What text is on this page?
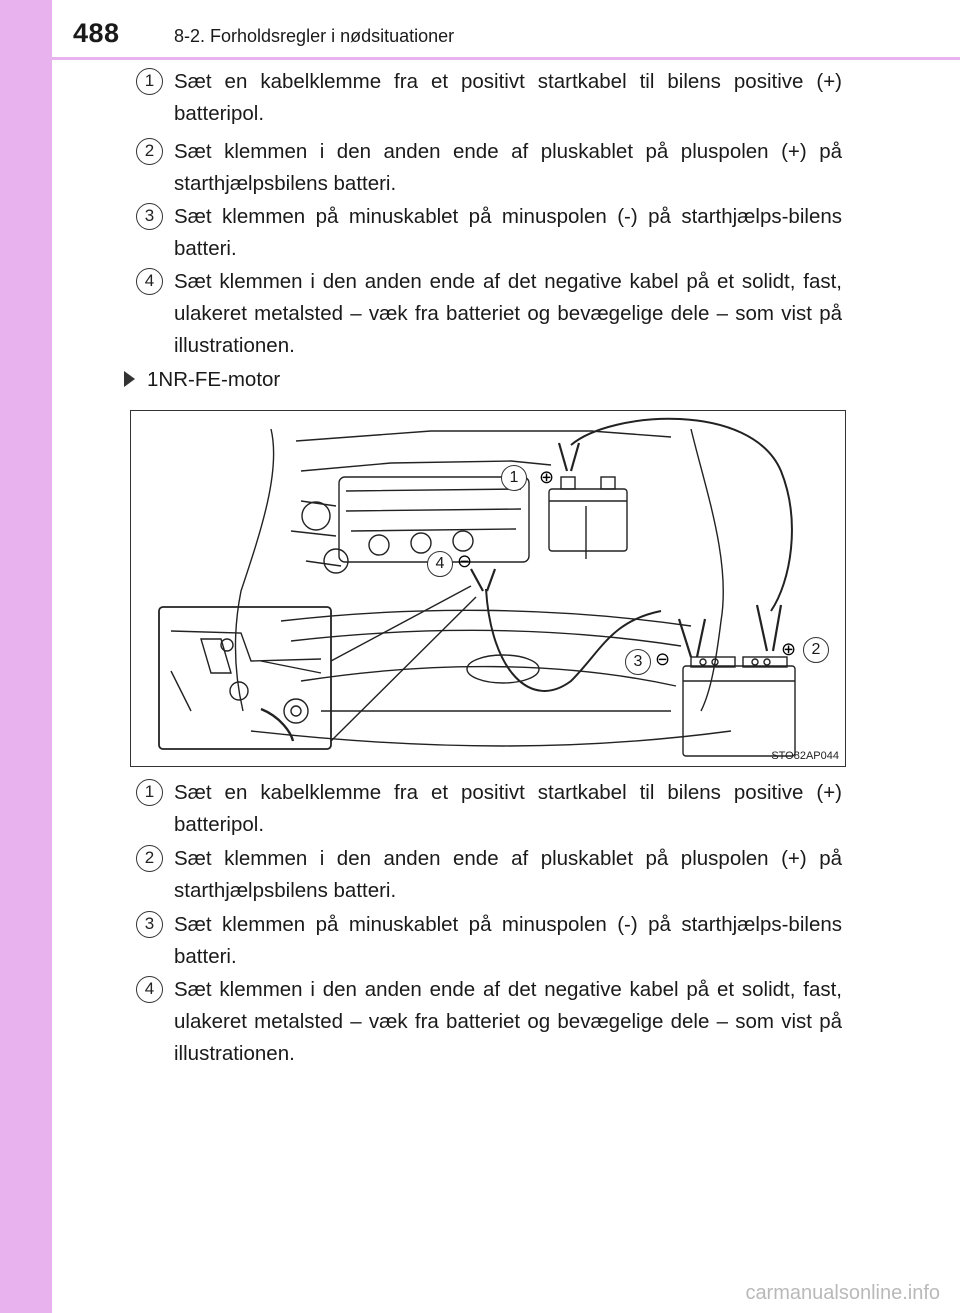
488	8-2. Forholdsregler i nødsituationer
1 Sæt en kabelklemme fra et positivt startkabel til bilens positive (+) batteripol.
2 Sæt klemmen i den anden ende af pluskablet på pluspolen (+) på starthjælpsbilens batteri.
3 Sæt klemmen på minuskablet på minuspolen (-) på starthjælps-bilens batteri.
4 Sæt klemmen i den anden ende af det negative kabel på et solidt, fast, ulakeret metalsted – væk fra batteriet og bevægelige dele – som vist på illustrationen.
1NR-FE-motor
⊕
⊖
⊖	⊕
1
2
3
4
STO82AP044
1 Sæt en kabelklemme fra et positivt startkabel til bilens positive (+) batteripol.
2 Sæt klemmen i den anden ende af pluskablet på pluspolen (+) på starthjælpsbilens batteri.
3 Sæt klemmen på minuskablet på minuspolen (-) på starthjælps-bilens batteri.
4 Sæt klemmen i den anden ende af det negative kabel på et solidt, fast, ulakeret metalsted – væk fra batteriet og bevægelige dele – som vist på illustrationen.
carmanualsonline.info
